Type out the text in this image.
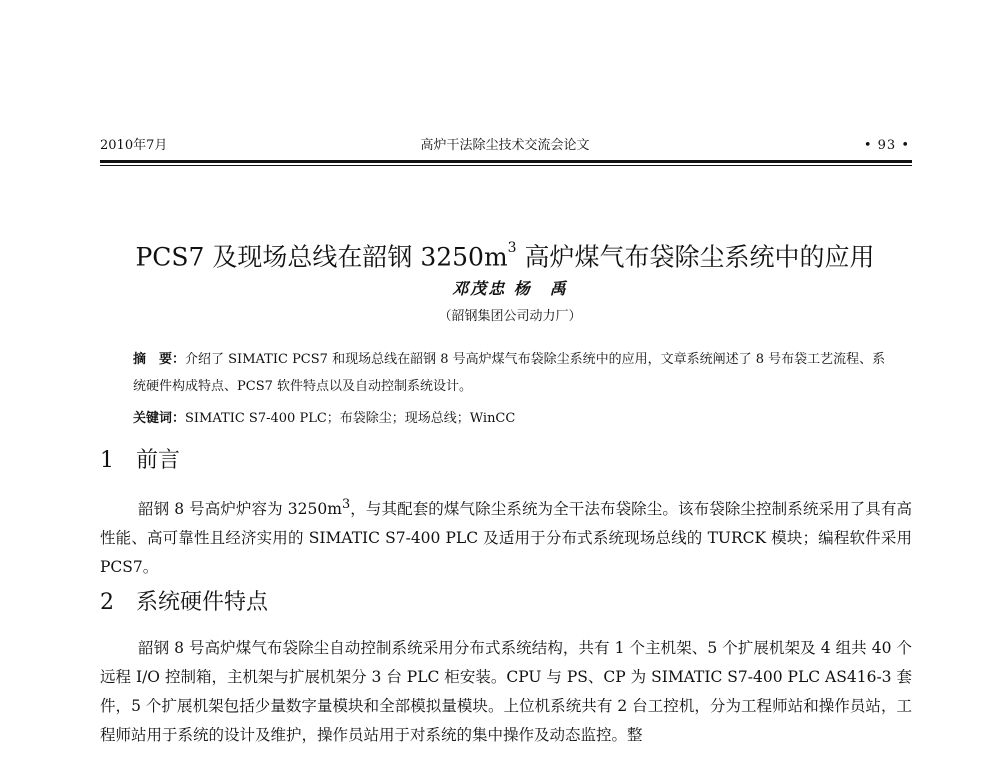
2010年7月	高炉干法除尘技术交流会论文	• 93 •
PCS7 及现场总线在韶钢 $3250m^3$ 高炉煤气布袋除尘系统中的应用
邓茂忠 杨　禹
（韶钢集团公司动力厂）
摘　要：介绍了 SIMATIC PCS7 和现场总线在韶钢 8 号高炉煤气布袋除尘系统中的应用，文章系统阐述了 8 号布袋工艺流程、系统硬件构成特点、PCS7 软件特点以及自动控制系统设计。
关键词：SIMATIC S7-400 PLC；布袋除尘；现场总线；WinCC
1 前言
韶钢 8 号高炉炉容为 $3250m^3$，与其配套的煤气除尘系统为全干法布袋除尘。该布袋除尘控制系统采用了具有高性能、高可靠性且经济实用的 SIMATIC S7-400 PLC 及适用于分布式系统现场总线的 TURCK 模块；编程软件采用 PCS7。
2 系统硬件特点
韶钢 8 号高炉煤气布袋除尘自动控制系统采用分布式系统结构，共有 1 个主机架、5 个扩展机架及 4 组共 40 个远程 I/O 控制箱，主机架与扩展机架分 3 台 PLC 柜安装。CPU 与 PS、CP 为 SIMATIC S7-400 PLC AS416-3 套件，5 个扩展机架包括少量数字量模块和全部模拟量模块。上位机系统共有 2 台工控机，分为工程师站和操作员站，工程师站用于系统的设计及维护，操作员站用于对系统的集中操作及动态监控。整
